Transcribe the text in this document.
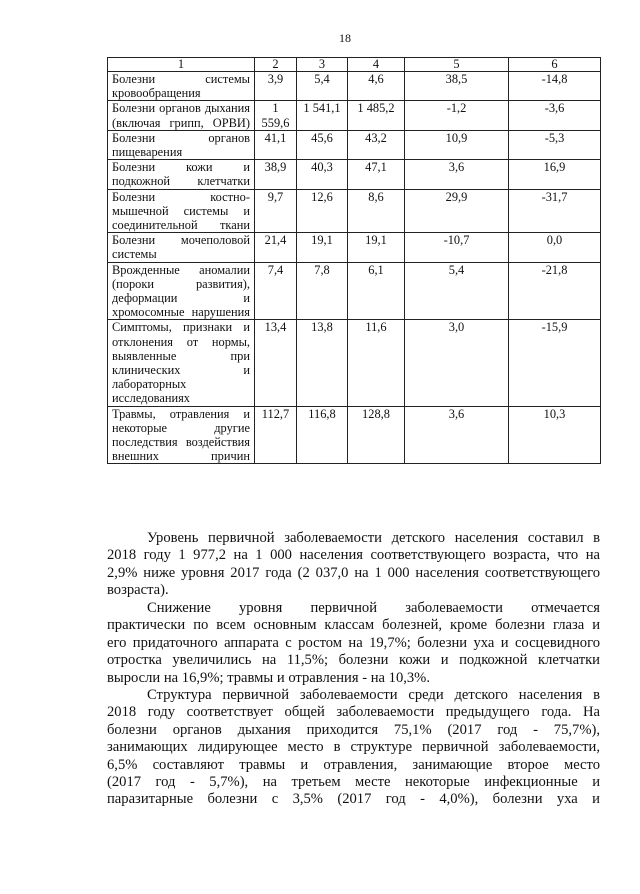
18
1	2	3	4	5	6
Болезни системы кровообращения	3,9	5,4	4,6	38,5	-14,8
Болезни органов дыхания (включая грипп, ОРВИ)	1 559,6	1 541,1	1 485,2	-1,2	-3,6
Болезни органов пищеварения	41,1	45,6	43,2	10,9	-5,3
Болезни кожи и подкожной клетчатки	38,9	40,3	47,1	3,6	16,9
Болезни костно-мышечной системы и соединительной ткани	9,7	12,6	8,6	29,9	-31,7
Болезни мочеполовой системы	21,4	19,1	19,1	-10,7	0,0
Врожденные аномалии (пороки развития), деформации и хромосомные нарушения	7,4	7,8	6,1	5,4	-21,8
Симптомы, признаки и отклонения от нормы, выявленные при клинических и лабораторных исследованиях	13,4	13,8	11,6	3,0	-15,9
Травмы, отравления и некоторые другие последствия воздействия внешних причин	112,7	116,8	128,8	3,6	10,3
Уровень первичной заболеваемости детского населения составил в
2018 году 1 977,2 на 1 000 населения соответствующего возраста, что на
2,9% ниже уровня 2017 года (2 037,0 на 1 000 населения соответствующего
возраста).
Снижение уровня первичной заболеваемости отмечается
практически по всем основным классам болезней, кроме болезни глаза и
его придаточного аппарата с ростом на 19,7%; болезни уха и сосцевидного
отростка увеличились на 11,5%; болезни кожи и подкожной клетчатки
выросли на 16,9%; травмы и отравления - на 10,3%.
Структура первичной заболеваемости среди детского населения в
2018 году соответствует общей заболеваемости предыдущего года. На
болезни органов дыхания приходится 75,1% (2017 год - 75,7%),
занимающих лидирующее место в структуре первичной заболеваемости,
6,5% составляют травмы и отравления, занимающие второе место
(2017 год - 5,7%), на третьем месте некоторые инфекционные и
паразитарные болезни с 3,5% (2017 год - 4,0%), болезни уха и
